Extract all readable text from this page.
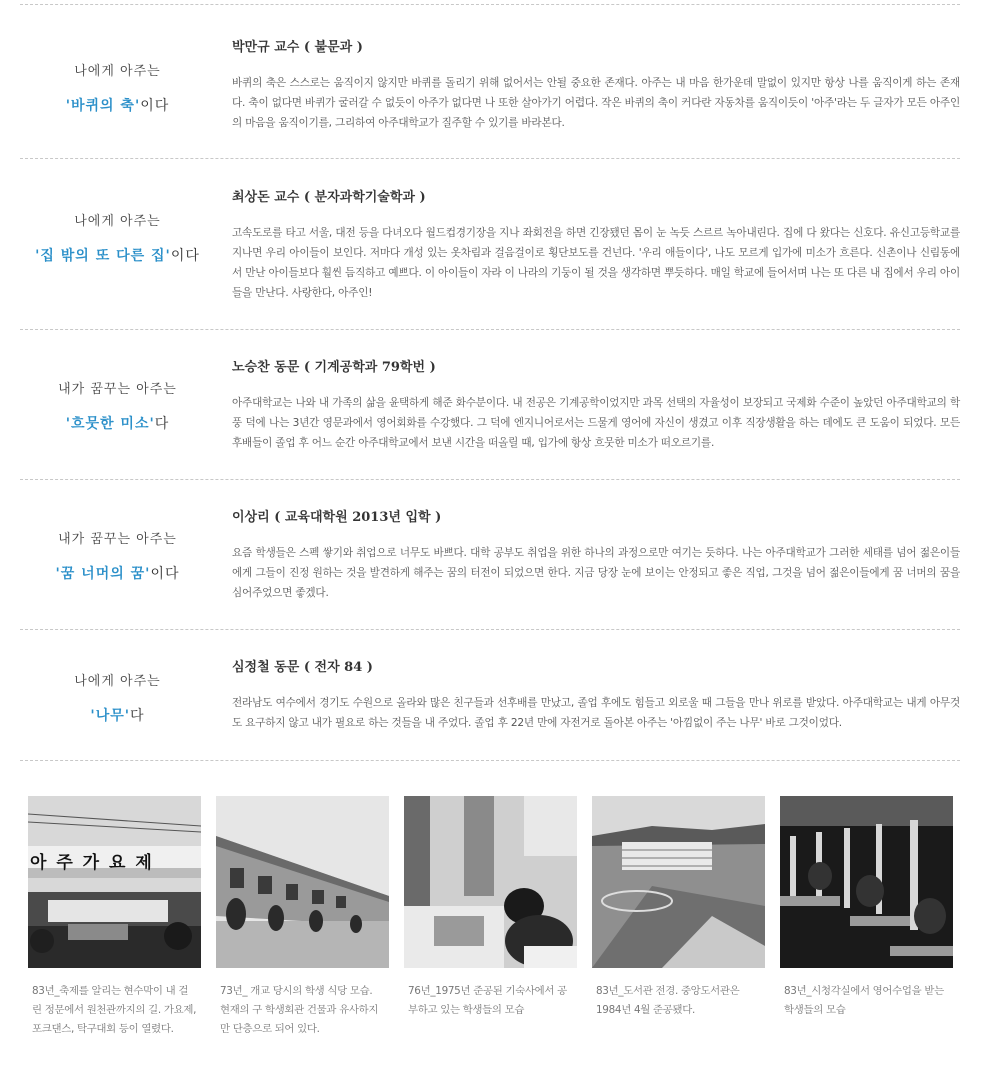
나에게 아주는
'바퀴의 축'이다
박만규 교수 ( 불문과 )
바퀴의 축은 스스로는 움직이지 않지만 바퀴를 돌리기 위해 없어서는 안될 중요한 존재다. 아주는 내 마음 한가운데 말없이 있지만 항상 나를 움직이게 하는 존재다. 축이 없다면 바퀴가 굴러갈 수 없듯이 아주가 없다면 나 또한 살아가기 어렵다. 작은 바퀴의 축이 커다란 자동차를 움직이듯이 '아주'라는 두 글자가 모든 아주인의 마음을 움직이기를, 그리하여 아주대학교가 질주할 수 있기를 바라본다.
나에게 아주는
'집 밖의 또 다른 집'이다
최상돈 교수 ( 분자과학기술학과 )
고속도로를 타고 서울, 대전 등을 다녀오다 월드컵경기장을 지나 좌회전을 하면 긴장됐던 몸이 눈 녹듯 스르르 녹아내린다. 집에 다 왔다는 신호다. 유신고등학교를 지나면 우리 아이들이 보인다. 저마다 개성 있는 옷차림과 걸음걸이로 횡단보도를 건넌다. '우리 애들이다', 나도 모르게 입가에 미소가 흐른다. 신촌이나 신림동에서 만난 아이들보다 훨씬 듬직하고 예쁘다. 이 아이들이 자라 이 나라의 기둥이 될 것을 생각하면 뿌듯하다. 매일 학교에 들어서며 나는 또 다른 내 집에서 우리 아이들을 만난다. 사랑한다, 아주인!
내가 꿈꾸는 아주는
'흐뭇한 미소'다
노승찬 동문 ( 기계공학과 79학번 )
아주대학교는 나와 내 가족의 삶을 윤택하게 해준 화수분이다. 내 전공은 기계공학이었지만 과목 선택의 자율성이 보장되고 국제화 수준이 높았던 아주대학교의 학풍 덕에 나는 3년간 영문과에서 영어회화를 수강했다. 그 덕에 엔지니어로서는 드물게 영어에 자신이 생겼고 이후 직장생활을 하는 데에도 큰 도움이 되었다. 모든 후배들이 졸업 후 어느 순간 아주대학교에서 보낸 시간을 떠올릴 때, 입가에 항상 흐뭇한 미소가 떠오르기를.
내가 꿈꾸는 아주는
'꿈 너머의 꿈'이다
이상리 ( 교육대학원 2013년 입학 )
요즘 학생들은 스펙 쌓기와 취업으로 너무도 바쁘다. 대학 공부도 취업을 위한 하나의 과정으로만 여기는 듯하다. 나는 아주대학교가 그러한 세태를 넘어 젊은이들에게 그들이 진정 원하는 것을 발견하게 해주는 꿈의 터전이 되었으면 한다. 지금 당장 눈에 보이는 안정되고 좋은 직업, 그것을 넘어 젊은이들에게 꿈 너머의 꿈을 심어주었으면 좋겠다.
나에게 아주는
'나무'다
심정철 동문 ( 전자 84 )
전라남도 여수에서 경기도 수원으로 올라와 많은 친구들과 선후배를 만났고, 졸업 후에도 힘들고 외로울 때 그들을 만나 위로를 받았다. 아주대학교는 내게 아무것도 요구하지 않고 내가 필요로 하는 것들을 내 주었다. 졸업 후 22년 만에 자전거로 돌아본 아주는 '아낌없이 주는 나무' 바로 그것이었다.
아 주 가 요 제
83년_축제를 알리는 현수막이 내 걸린 정문에서 원천관까지의 길. 가요제, 포크댄스, 탁구대회 등이 열렸다.
73년_ 개교 당시의 학생 식당 모습. 현재의 구 학생회관 건물과 유사하지만 단층으로 되어 있다.
76년_1975년 준공된 기숙사에서 공부하고 있는 학생들의 모습
83년_도서관 전경. 중앙도서관은 1984년 4월 준공됐다.
83년_시청각실에서 영어수업을 받는 학생들의 모습
